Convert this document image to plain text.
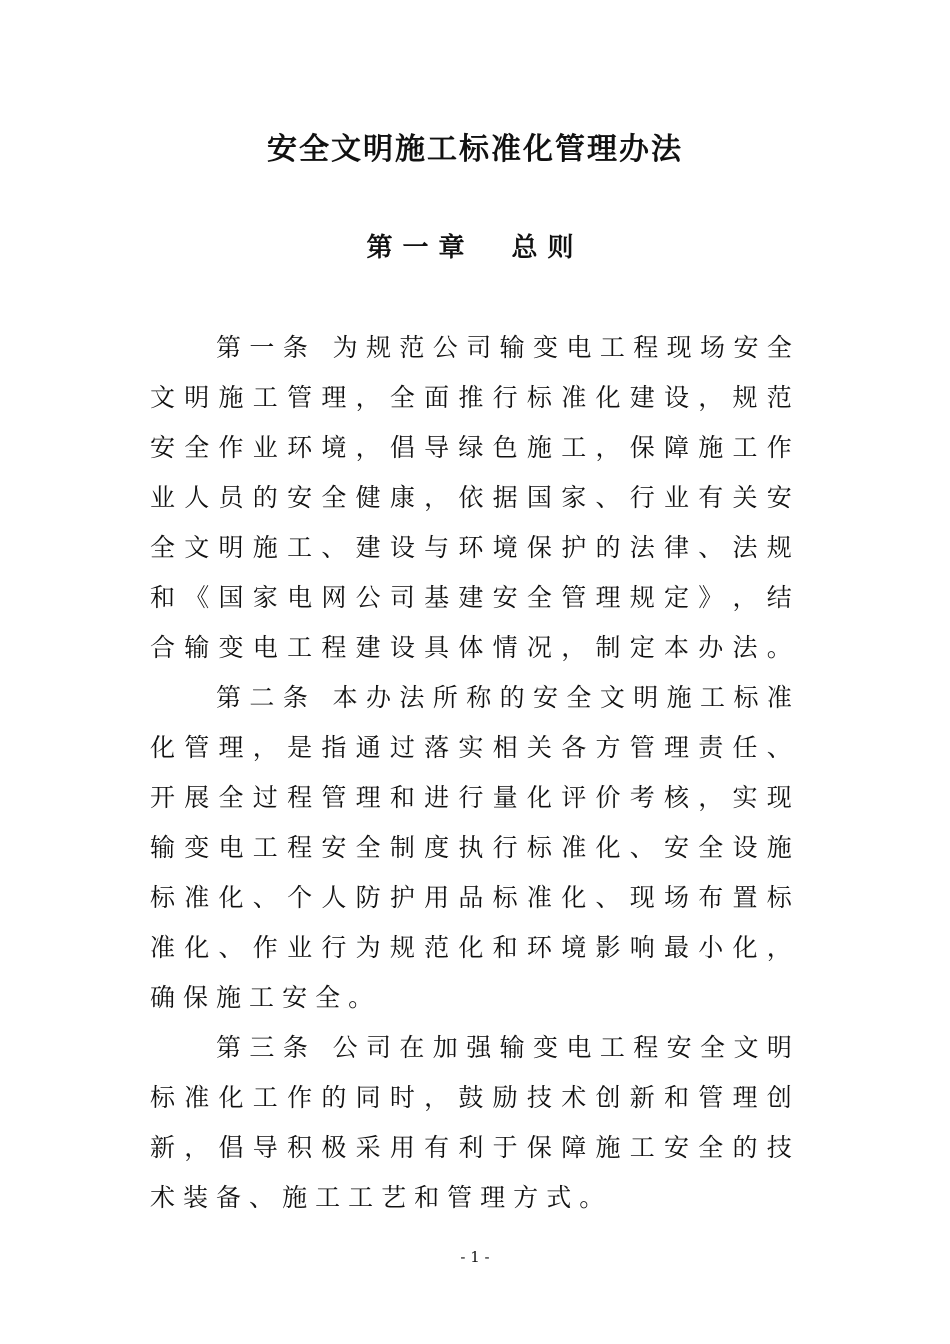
安全文明施工标准化管理办法
第一章 总则
第 一 条
为 规 范 公 司 输 变 电 工 程 现 场 安 全
文 明 施 工 管 理 ， 全 面 推 行 标 准 化 建 设 ， 规 范
安 全 作 业 环 境 ， 倡 导 绿 色 施 工 ， 保 障 施 工 作
业 人 员 的 安 全 健 康 ， 依 据 国 家 、 行 业 有 关 安
全 文 明 施 工 、 建 设 与 环 境 保 护 的 法 律 、 法 规
和 《 国 家 电 网 公 司 基 建 安 全 管 理 规 定 》 ， 结
合 输 变 电 工 程 建 设 具 体 情 况 ， 制 定 本 办 法 。
第 二 条
本 办 法 所 称 的 安 全 文 明 施 工 标 准
化 管 理 ， 是 指 通 过 落 实 相 关 各 方 管 理 责 任 、
开 展 全 过 程 管 理 和 进 行 量 化 评 价 考 核 ， 实 现
输 变 电 工 程 安 全 制 度 执 行 标 准 化 、 安 全 设 施
标 准 化 、 个 人 防 护 用 品 标 准 化 、 现 场 布 置 标
准 化 、 作 业 行 为 规 范 化 和 环 境 影 响 最 小 化 ，
确 保 施 工 安 全 。
第 三 条
公 司 在 加 强 输 变 电 工 程 安 全 文 明
标 准 化 工 作 的 同 时 ， 鼓 励 技 术 创 新 和 管 理 创
新 ， 倡 导 积 极 采 用 有 利 于 保 障 施 工 安 全 的 技
术 装 备 、 施 工 工 艺 和 管 理 方 式 。
- 1 -
